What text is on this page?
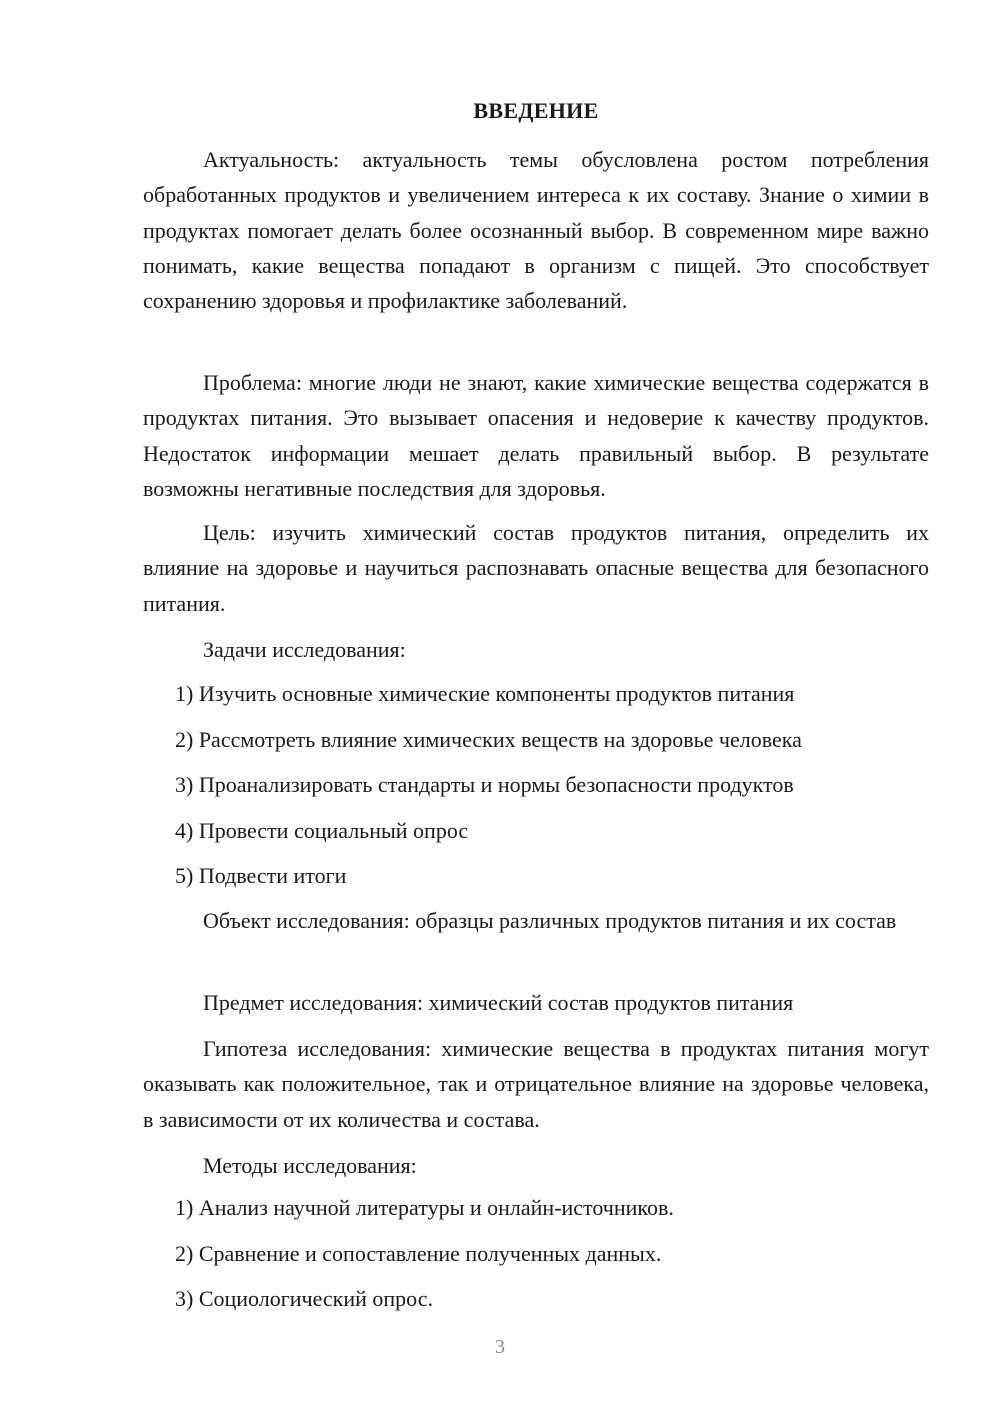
ВВЕДЕНИЕ

Актуальность: актуальность темы обусловлена ростом потребления обработанных продуктов и увеличением интереса к их составу. Знание о химии в продуктах помогает делать более осознанный выбор. В современном мире важно понимать, какие вещества попадают в организм с пищей. Это способствует сохранению здоровья и профилактике заболеваний.

Проблема: многие люди не знают, какие химические вещества содержатся в продуктах питания. Это вызывает опасения и недоверие к качеству продуктов. Недостаток информации мешает делать правильный выбор. В результате возможны негативные последствия для здоровья.

Цель: изучить химический состав продуктов питания, определить их влияние на здоровье и научиться распознавать опасные вещества для безопасного питания.

Задачи исследования:

1) Изучить основные химические компоненты продуктов питания

2) Рассмотреть влияние химических веществ на здоровье человека

3) Проанализировать стандарты и нормы безопасности продуктов

4) Провести социальный опрос

5) Подвести итоги

Объект исследования: образцы различных продуктов питания и их состав

Предмет исследования: химический состав продуктов питания

Гипотеза исследования: химические вещества в продуктах питания могут оказывать как положительное, так и отрицательное влияние на здоровье человека, в зависимости от их количества и состава.

Методы исследования:

1) Анализ научной литературы и онлайн-источников.

2) Сравнение и сопоставление полученных данных.

3) Социологический опрос.

3
